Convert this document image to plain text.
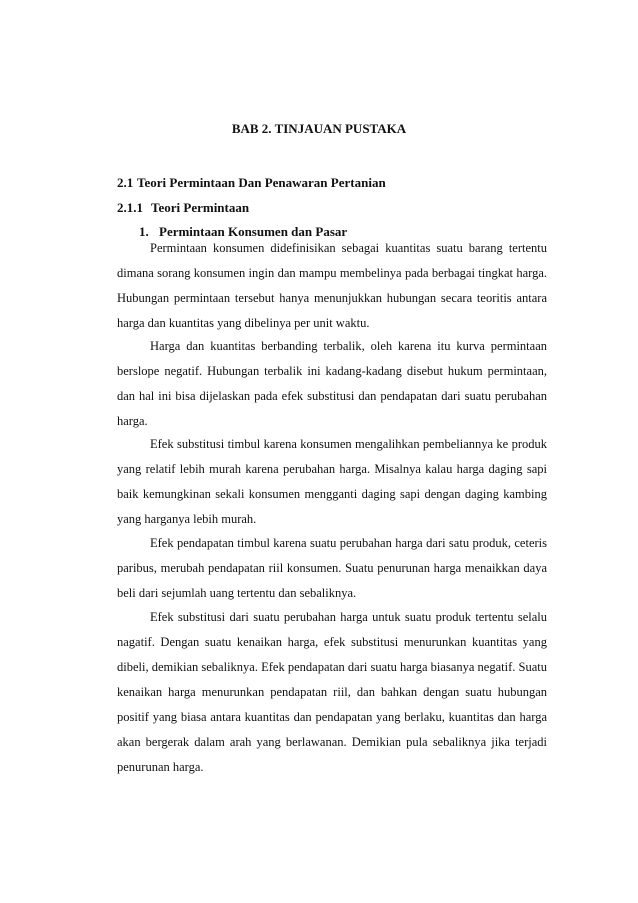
BAB 2. TINJAUAN PUSTAKA
2.1 Teori Permintaan Dan Penawaran Pertanian
2.1.1 Teori Permintaan
1. Permintaan Konsumen dan Pasar

Permintaan konsumen didefinisikan sebagai kuantitas suatu barang tertentu dimana sorang konsumen ingin dan mampu membelinya pada berbagai tingkat harga. Hubungan permintaan tersebut hanya menunjukkan hubungan secara teoritis antara harga dan kuantitas yang dibelinya per unit waktu.

Harga dan kuantitas berbanding terbalik, oleh karena itu kurva permintaan berslope negatif. Hubungan terbalik ini kadang-kadang disebut hukum permintaan, dan hal ini bisa dijelaskan pada efek substitusi dan pendapatan dari suatu perubahan harga.

Efek substitusi timbul karena konsumen mengalihkan pembeliannya ke produk yang relatif lebih murah karena perubahan harga. Misalnya kalau harga daging sapi baik kemungkinan sekali konsumen mengganti daging sapi dengan daging kambing yang harganya lebih murah.

Efek pendapatan timbul karena suatu perubahan harga dari satu produk, ceteris paribus, merubah pendapatan riil konsumen. Suatu penurunan harga menaikkan daya beli dari sejumlah uang tertentu dan sebaliknya.

Efek substitusi dari suatu perubahan harga untuk suatu produk tertentu selalu nagatif. Dengan suatu kenaikan harga, efek substitusi menurunkan kuantitas yang dibeli, demikian sebaliknya. Efek pendapatan dari suatu harga biasanya negatif. Suatu kenaikan harga menurunkan pendapatan riil, dan bahkan dengan suatu hubungan positif yang biasa antara kuantitas dan pendapatan yang berlaku, kuantitas dan harga akan bergerak dalam arah yang berlawanan. Demikian pula sebaliknya jika terjadi penurunan harga.
